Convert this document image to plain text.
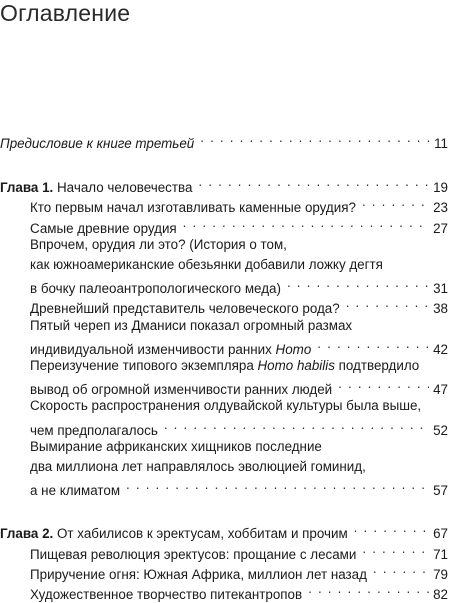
Оглавление
Предисловие к книге третьей . . .	11
Глава 1. Начало человечества . . .	19
Кто первым начал изготавливать каменные орудия? . . .	23
Самые древние орудия . . .	27
Впрочем, орудия ли это? (История о том,
как южноамериканские обезьянки добавили ложку дегтя
в бочку палеоантропологического меда) . . .	31
Древнейший представитель человеческого рода? . . .	38
Пятый череп из Дманиси показал огромный размах
индивидуальной изменчивости ранних Homo . . .	42
Переизучение типового экземпляра Homo habilis подтвердило
вывод об огромной изменчивости ранних людей . . .	47
Скорость распространения олдувайской культуры была выше,
чем предполагалось . . .	52
Вымирание африканских хищников последние
два миллиона лет направлялось эволюцией гоминид,
а не климатом . . .	57
Глава 2. От хабилисов к эректусам, хоббитам и прочим . . .	67
Пищевая революция эректусов: прощание с лесами . . .	71
Приручение огня: Южная Африка, миллион лет назад . . .	79
Художественное творчество питекантропов . . .	82
